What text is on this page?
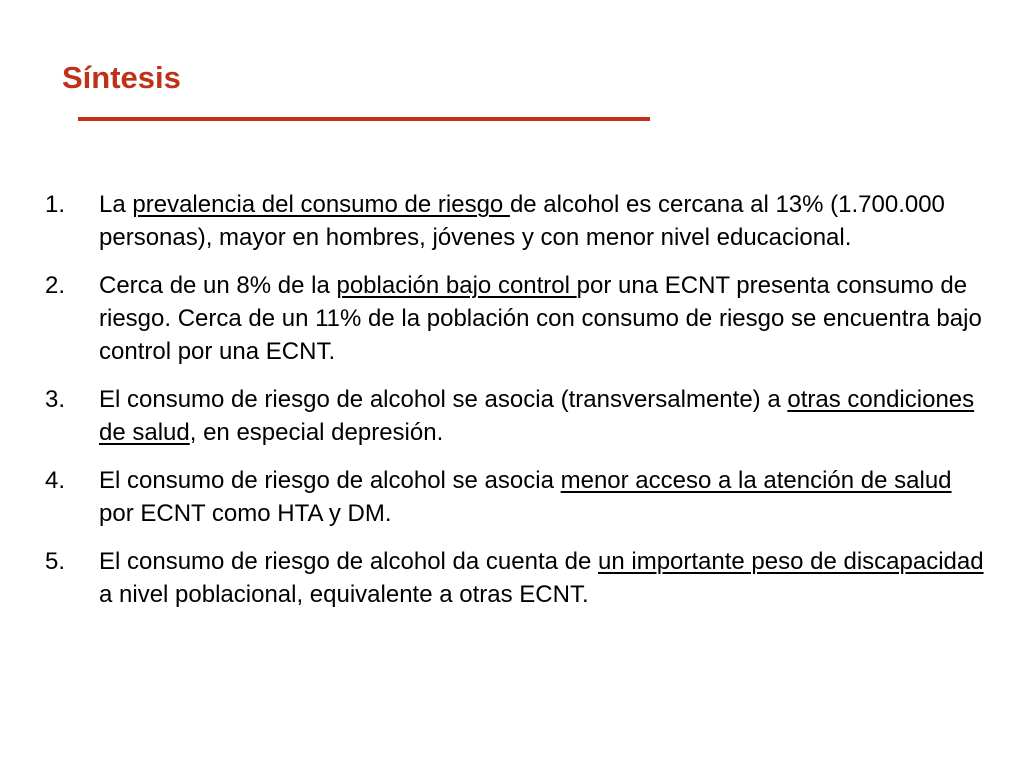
Síntesis
1. La prevalencia del consumo de riesgo de alcohol es cercana al 13% (1.700.000 personas), mayor en hombres, jóvenes y con menor nivel educacional.
2. Cerca de un 8% de la población bajo control por una ECNT presenta consumo de riesgo. Cerca de un 11% de la población con consumo de riesgo se encuentra bajo control por una ECNT.
3. El consumo de riesgo de alcohol se asocia (transversalmente) a otras condiciones de salud, en especial depresión.
4. El consumo de riesgo de alcohol se asocia menor acceso a la atención de salud por ECNT como HTA y DM.
5. El consumo de riesgo de alcohol da cuenta de un importante peso de discapacidad a nivel poblacional, equivalente a otras ECNT.
